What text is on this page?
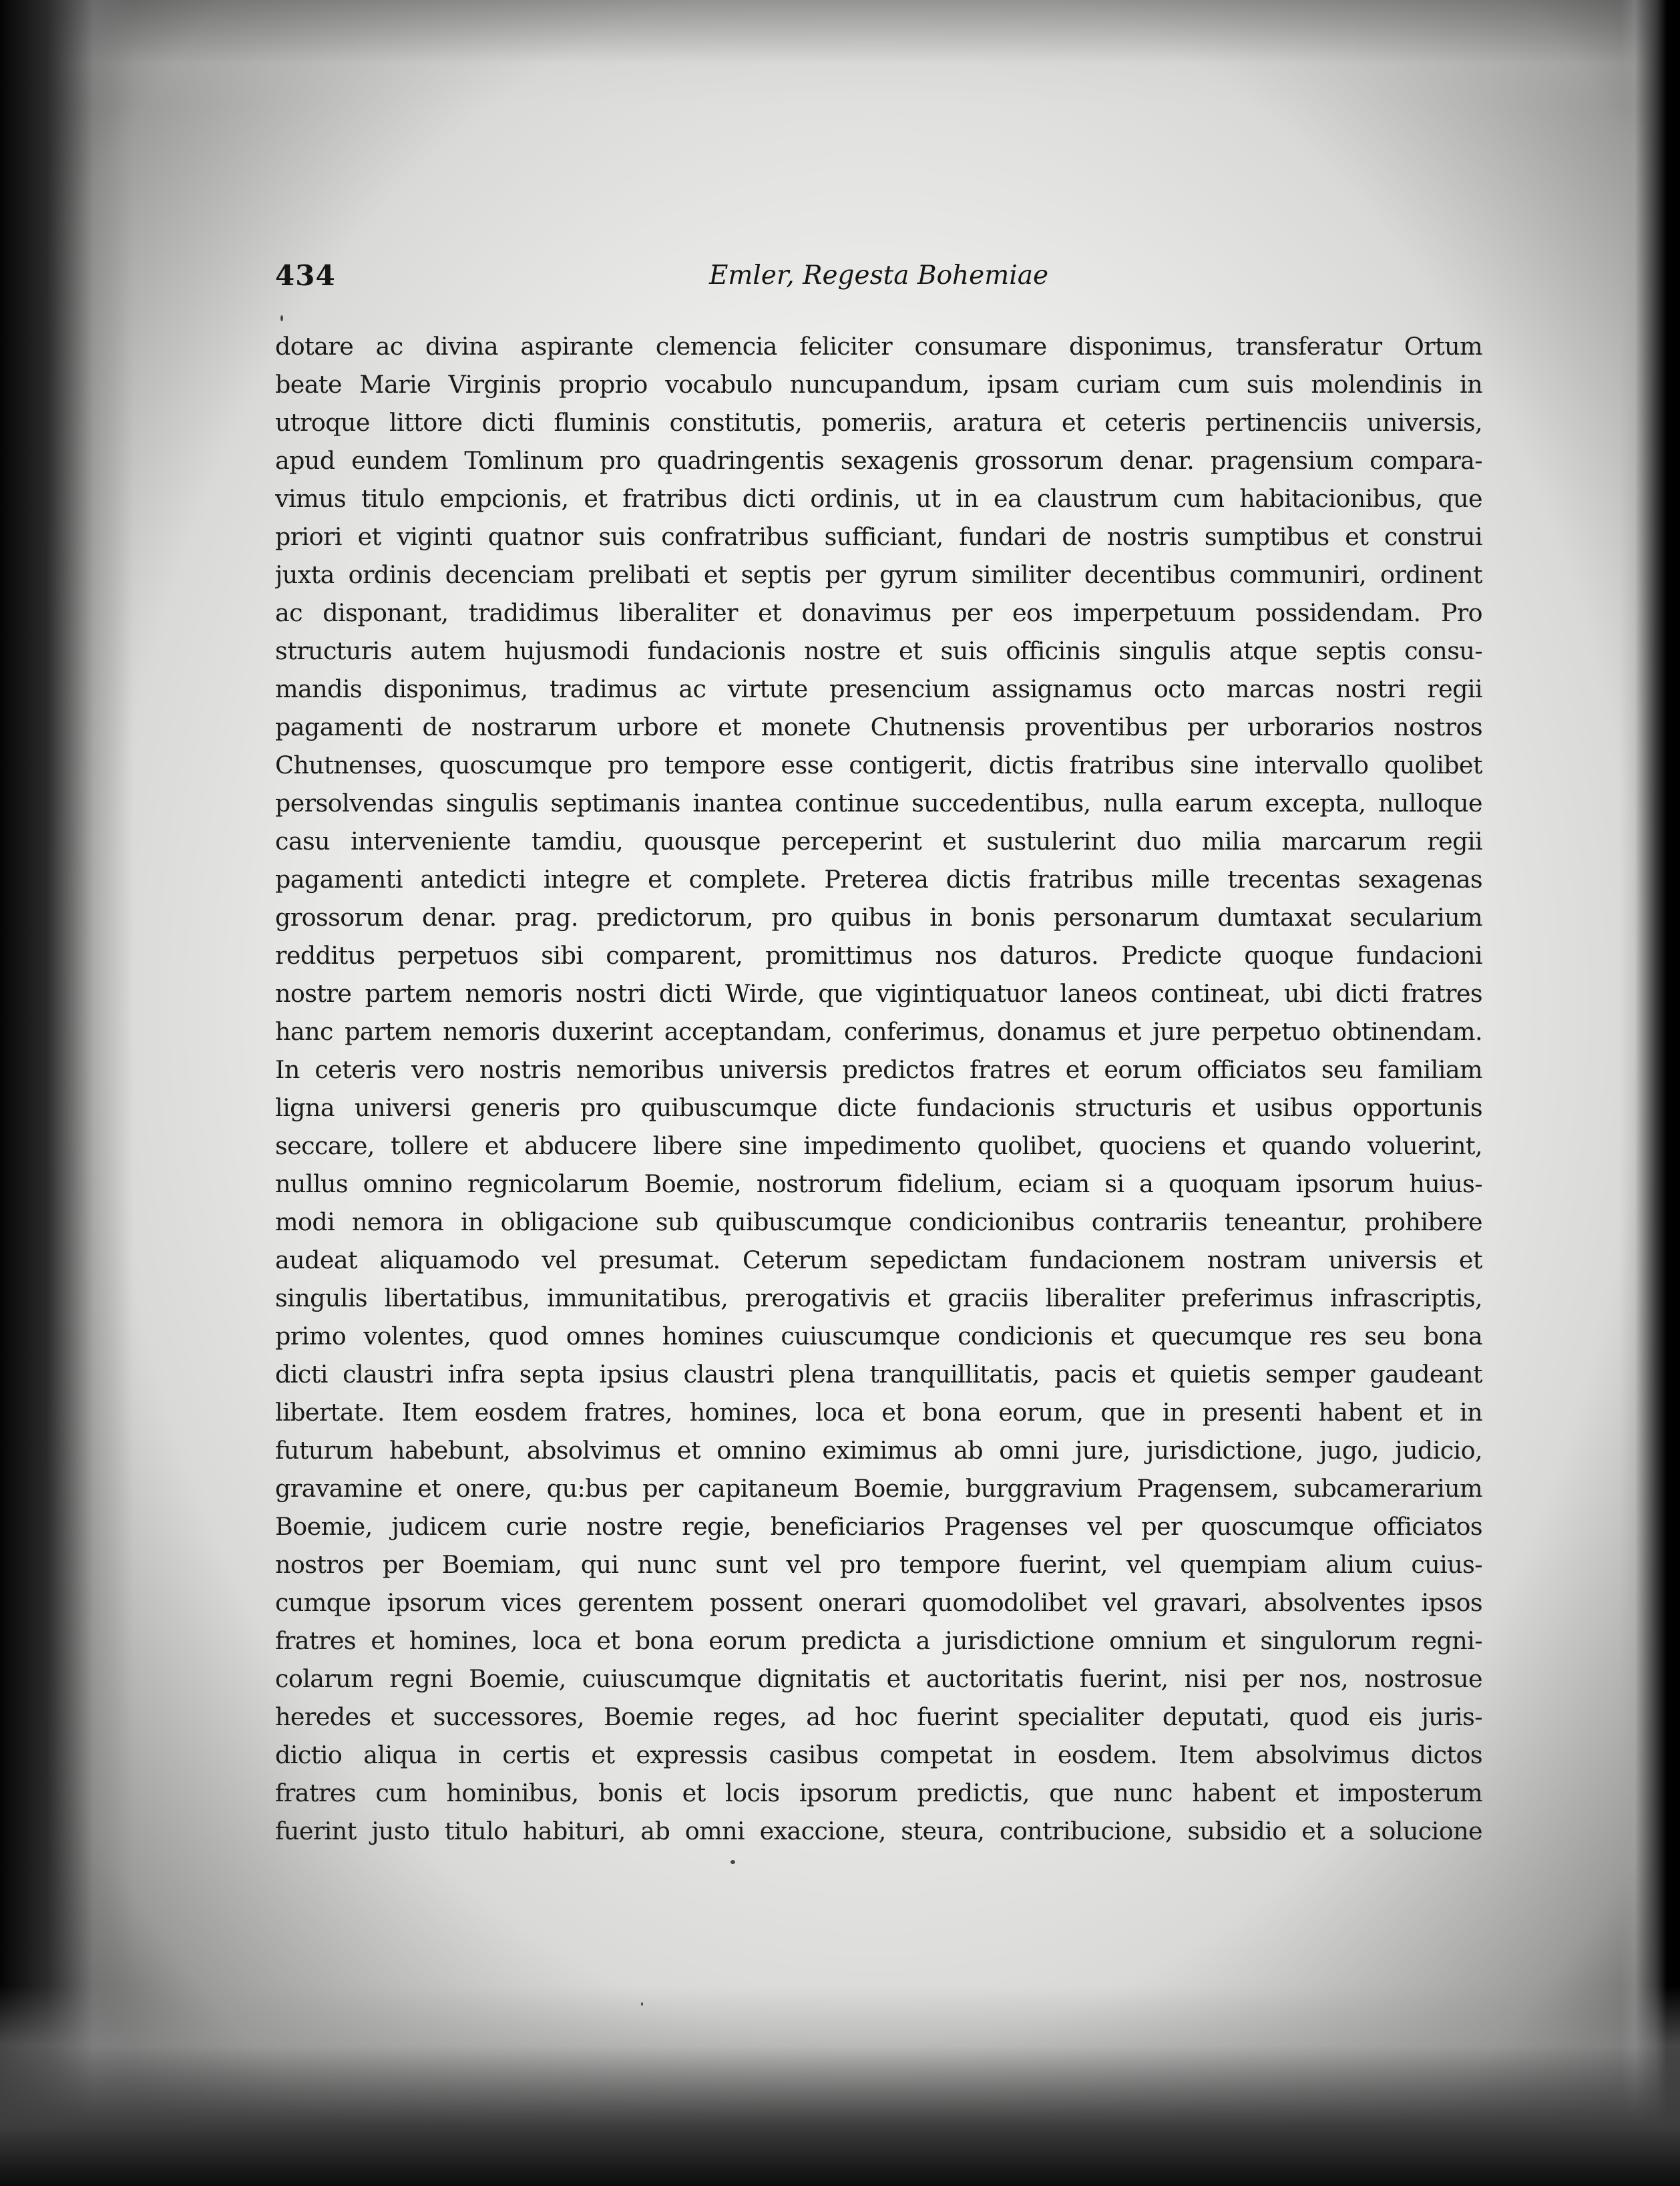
434	Emler, Regesta Bohemiae
dotare ac divina aspirante clemencia feliciter consumare disponimus, transferatur Ortum
beate Marie Virginis proprio vocabulo nuncupandum, ipsam curiam cum suis molendinis in
utroque littore dicti fluminis constitutis, pomeriis, aratura et ceteris pertinenciis universis,
apud eundem Tomlinum pro quadringentis sexagenis grossorum denar. pragensium compara-
vimus titulo empcionis, et fratribus dicti ordinis, ut in ea claustrum cum habitacionibus, que
priori et viginti quatnor suis confratribus sufficiant, fundari de nostris sumptibus et construi
juxta ordinis decenciam prelibati et septis per gyrum similiter decentibus communiri, ordinent
ac disponant, tradidimus liberaliter et donavimus per eos imperpetuum possidendam. Pro
structuris autem hujusmodi fundacionis nostre et suis officinis singulis atque septis consu-
mandis disponimus, tradimus ac virtute presencium assignamus octo marcas nostri regii
pagamenti de nostrarum urbore et monete Chutnensis proventibus per urborarios nostros
Chutnenses, quoscumque pro tempore esse contigerit, dictis fratribus sine intervallo quolibet
persolvendas singulis septimanis inantea continue succedentibus, nulla earum excepta, nulloque
casu interveniente tamdiu, quousque perceperint et sustulerint duo milia marcarum regii
pagamenti antedicti integre et complete. Preterea dictis fratribus mille trecentas sexagenas
grossorum denar. prag. predictorum, pro quibus in bonis personarum dumtaxat secularium
redditus perpetuos sibi comparent, promittimus nos daturos. Predicte quoque fundacioni
nostre partem nemoris nostri dicti Wirde, que vigintiquatuor laneos contineat, ubi dicti fratres
hanc partem nemoris duxerint acceptandam, conferimus, donamus et jure perpetuo obtinendam.
In ceteris vero nostris nemoribus universis predictos fratres et eorum officiatos seu familiam
ligna universi generis pro quibuscumque dicte fundacionis structuris et usibus opportunis
seccare, tollere et abducere libere sine impedimento quolibet, quociens et quando voluerint,
nullus omnino regnicolarum Boemie, nostrorum fidelium, eciam si a quoquam ipsorum huius-
modi nemora in obligacione sub quibuscumque condicionibus contrariis teneantur, prohibere
audeat aliquamodo vel presumat. Ceterum sepedictam fundacionem nostram universis et
singulis libertatibus, immunitatibus, prerogativis et graciis liberaliter preferimus infrascriptis,
primo volentes, quod omnes homines cuiuscumque condicionis et quecumque res seu bona
dicti claustri infra septa ipsius claustri plena tranquillitatis, pacis et quietis semper gaudeant
libertate. Item eosdem fratres, homines, loca et bona eorum, que in presenti habent et in
futurum habebunt, absolvimus et omnino eximimus ab omni jure, jurisdictione, jugo, judicio,
gravamine et onere, qu:bus per capitaneum Boemie, burggravium Pragensem, subcamerarium
Boemie, judicem curie nostre regie, beneficiarios Pragenses vel per quoscumque officiatos
nostros per Boemiam, qui nunc sunt vel pro tempore fuerint, vel quempiam alium cuius-
cumque ipsorum vices gerentem possent onerari quomodolibet vel gravari, absolventes ipsos
fratres et homines, loca et bona eorum predicta a jurisdictione omnium et singulorum regni-
colarum regni Boemie, cuiuscumque dignitatis et auctoritatis fuerint, nisi per nos, nostrosue
heredes et successores, Boemie reges, ad hoc fuerint specialiter deputati, quod eis juris-
dictio aliqua in certis et expressis casibus competat in eosdem. Item absolvimus dictos
fratres cum hominibus, bonis et locis ipsorum predictis, que nunc habent et imposterum
fuerint justo titulo habituri, ab omni exaccione, steura, contribucione, subsidio et a solucione
